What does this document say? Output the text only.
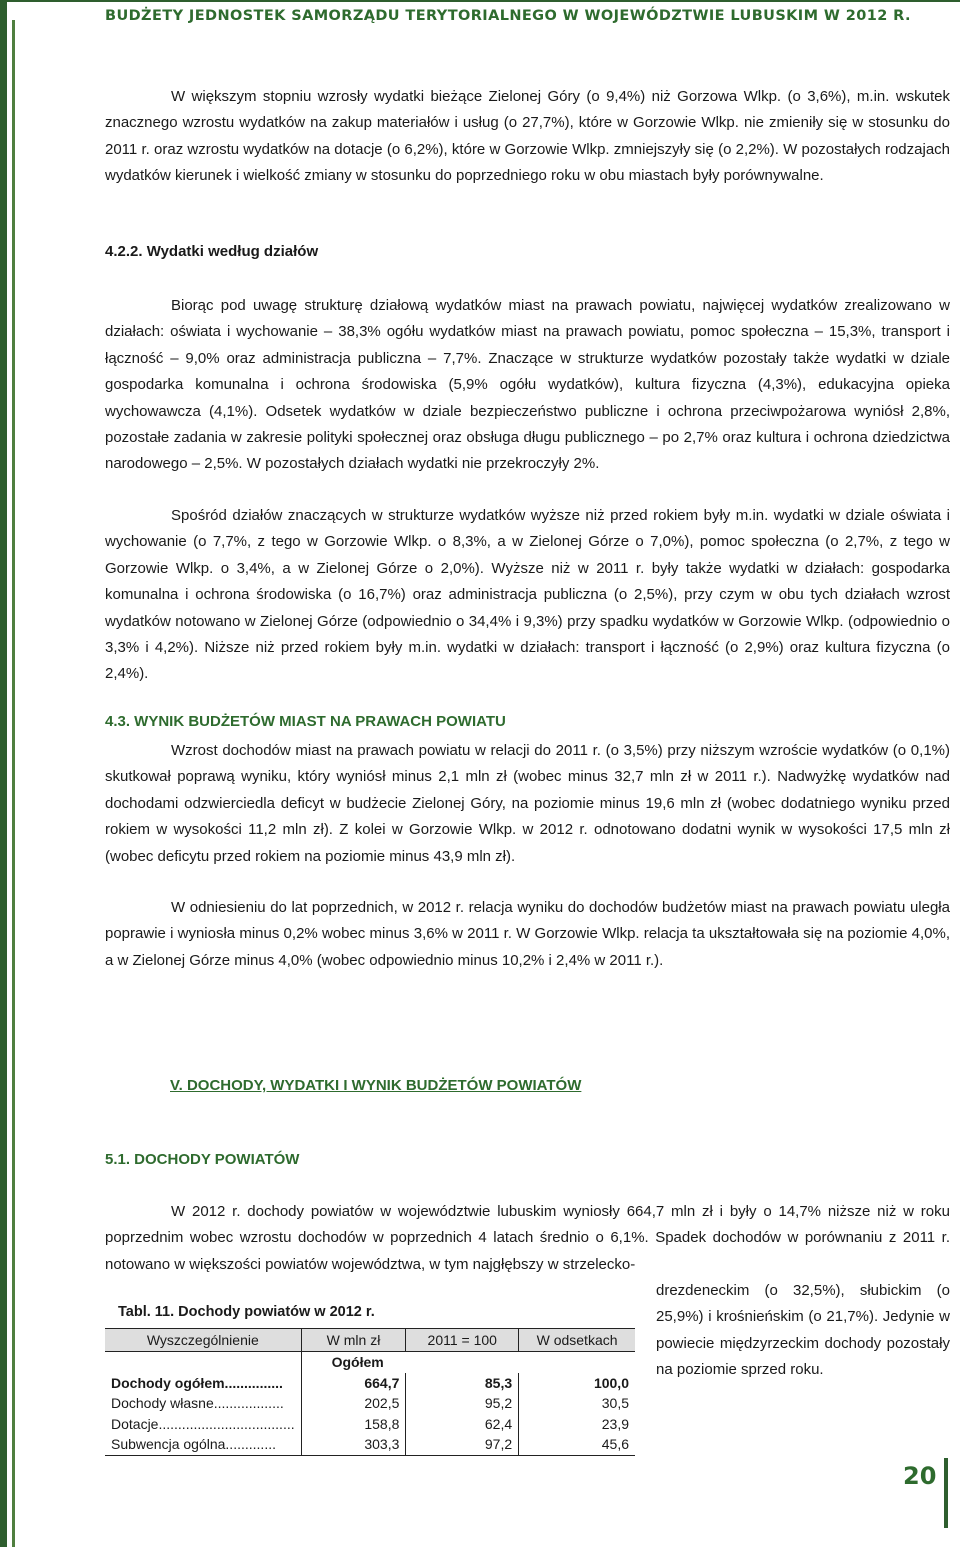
BUDŻETY JEDNOSTEK SAMORZĄDU TERYTORIALNEGO W WOJEWÓDZTWIE LUBUSKIM W 2012 R.

W większym stopniu wzrosły wydatki bieżące Zielonej Góry (o 9,4%) niż Gorzowa Wlkp. (o 3,6%), m.in. wskutek znacznego wzrostu wydatków na zakup materiałów i usług (o 27,7%), które w Gorzowie Wlkp. nie zmieniły się w stosunku do 2011 r. oraz wzrostu wydatków na dotacje (o 6,2%), które w Gorzowie Wlkp. zmniejszyły się (o 2,2%). W pozostałych rodzajach wydatków kierunek i wielkość zmiany w stosunku do poprzedniego roku w obu miastach były porównywalne.

4.2.2. Wydatki według działów

Biorąc pod uwagę strukturę działową wydatków miast na prawach powiatu, najwięcej wydatków zrealizowano w działach: oświata i wychowanie – 38,3% ogółu wydatków miast na prawach powiatu, pomoc społeczna – 15,3%, transport i łączność – 9,0% oraz administracja publiczna – 7,7%. Znaczące w strukturze wydatków pozostały także wydatki w dziale gospodarka komunalna i ochrona środowiska (5,9% ogółu wydatków), kultura fizyczna (4,3%), edukacyjna opieka wychowawcza (4,1%). Odsetek wydatków w dziale bezpieczeństwo publiczne i ochrona przeciwpożarowa wyniósł 2,8%, pozostałe zadania w zakresie polityki społecznej oraz obsługa długu publicznego – po 2,7% oraz kultura i ochrona dziedzictwa narodowego – 2,5%. W pozostałych działach wydatki nie przekroczyły 2%.

Spośród działów znaczących w strukturze wydatków wyższe niż przed rokiem były m.in. wydatki w dziale oświata i wychowanie (o 7,7%, z tego w Gorzowie Wlkp. o 8,3%, a w Zielonej Górze o 7,0%), pomoc społeczna (o 2,7%, z tego w Gorzowie Wlkp. o 3,4%, a w Zielonej Górze o 2,0%). Wyższe niż w 2011 r. były także wydatki w działach: gospodarka komunalna i ochrona środowiska (o 16,7%) oraz administracja publiczna (o 2,5%), przy czym w obu tych działach wzrost wydatków notowano w Zielonej Górze (odpowiednio o 34,4% i 9,3%) przy spadku wydatków w Gorzowie Wlkp. (odpowiednio o 3,3% i 4,2%). Niższe niż przed rokiem były m.in. wydatki w działach: transport i łączność (o 2,9%) oraz kultura fizyczna (o 2,4%).

4.3. WYNIK BUDŻETÓW MIAST NA PRAWACH POWIATU

Wzrost dochodów miast na prawach powiatu w relacji do 2011 r. (o 3,5%) przy niższym wzroście wydatków (o 0,1%) skutkował poprawą wyniku, który wyniósł minus 2,1 mln zł (wobec minus 32,7 mln zł w 2011 r.). Nadwyżkę wydatków nad dochodami odzwierciedla deficyt w budżecie Zielonej Góry, na poziomie minus 19,6 mln zł (wobec dodatniego wyniku przed rokiem w wysokości 11,2 mln zł). Z kolei w Gorzowie Wlkp. w 2012 r. odnotowano dodatni wynik w wysokości 17,5 mln zł (wobec deficytu przed rokiem na poziomie minus 43,9 mln zł).

W odniesieniu do lat poprzednich, w 2012 r. relacja wyniku do dochodów budżetów miast na prawach powiatu uległa poprawie i wyniosła minus 0,2% wobec minus 3,6% w 2011 r. W Gorzowie Wlkp. relacja ta ukształtowała się na poziomie 4,0%, a w Zielonej Górze minus 4,0% (wobec odpowiednio minus 10,2% i 2,4% w 2011 r.).

V. DOCHODY, WYDATKI I WYNIK BUDŻETÓW POWIATÓW

5.1. DOCHODY POWIATÓW

W 2012 r. dochody powiatów w województwie lubuskim wyniosły 664,7 mln zł i były o 14,7% niższe niż w roku poprzednim wobec wzrostu dochodów w poprzednich 4 latach średnio o 6,1%. Spadek dochodów w porównaniu z 2011 r. notowano w większości powiatów województwa, w tym najgłębszy w strzelecko-

drezdeneckim (o 32,5%), słubickim (o 25,9%) i krośnieńskim (o 21,7%). Jedynie w powiecie międzyrzeckim dochody pozostały na poziomie sprzed roku.

Tabl. 11. Dochody powiatów w 2012 r.
Wyszczególnienie	W mln zł	2011 = 100	W odsetkach
	Ogółem		
Dochody ogółem...............	664,7	85,3	100,0
Dochody własne..................	202,5	95,2	30,5
Dotacje...................................	158,8	62,4	23,9
Subwencja ogólna.............	303,3	97,2	45,6
20
